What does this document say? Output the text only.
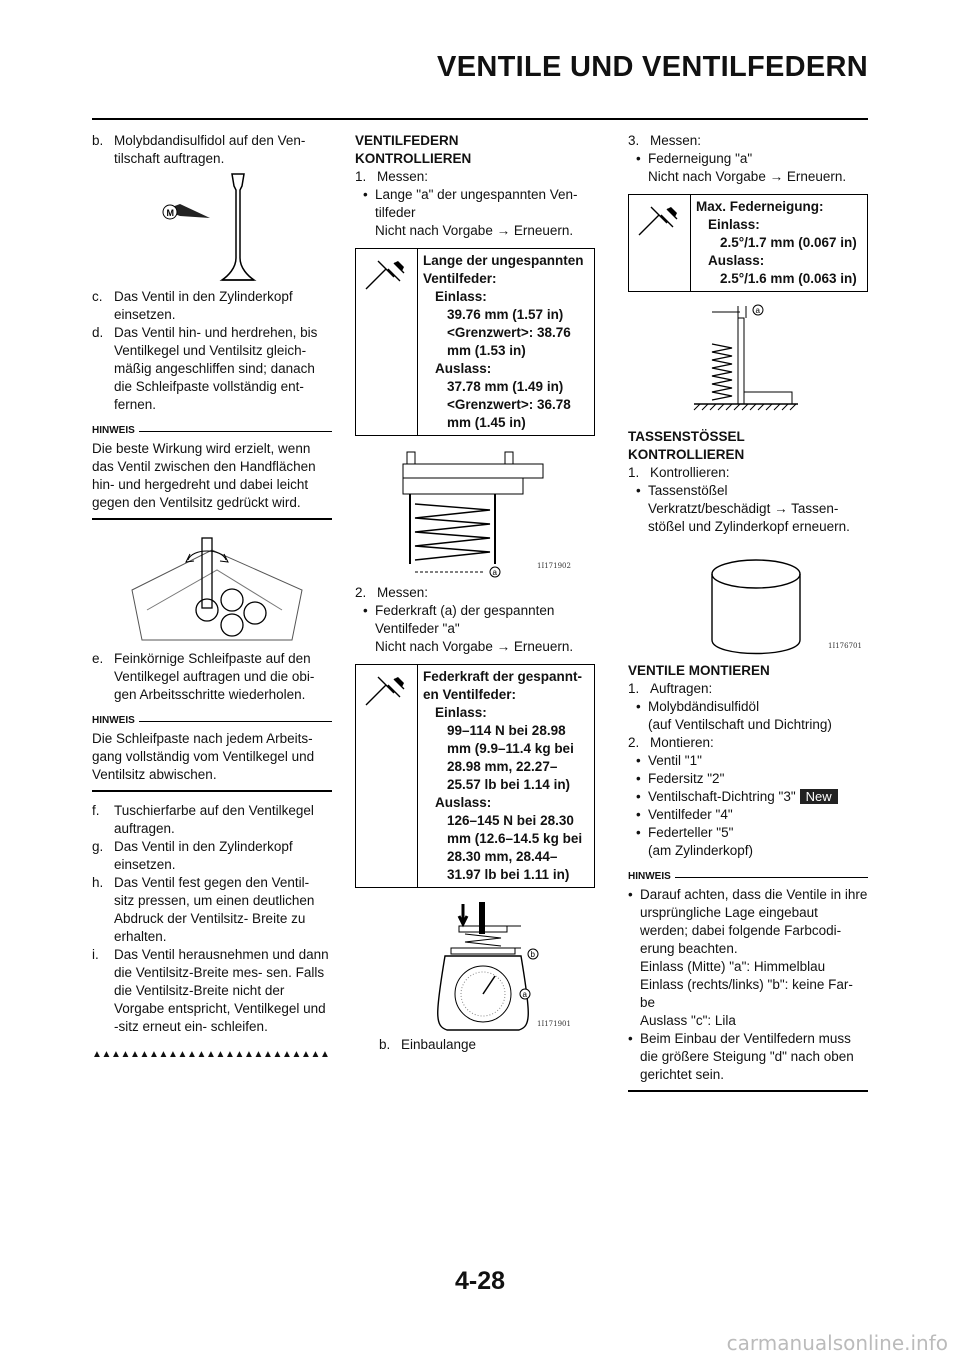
VENTILE UND VENTILFEDERN
b. Molybdandisulfidol auf den Ven- tilschaft auftragen.
M
c. Das Ventil in den Zylinderkopf einsetzen.
d. Das Ventil hin- und herdrehen, bis Ventilkegel und Ventilsitz gleich- mäßig angeschliffen sind; danach die Schleifpaste vollständig ent- fernen.
HINWEIS
Die beste Wirkung wird erzielt, wenn das Ventil zwischen den Handflächen hin- und hergedreht und dabei leicht gegen den Ventilsitz gedrückt wird.
e. Feinkörnige Schleifpaste auf den Ventilkegel auftragen und die obi- gen Arbeitsschritte wiederholen.
HINWEIS
Die Schleifpaste nach jedem Arbeits- gang vollständig vom Ventilkegel und Ventilsitz abwischen.
f.	Tuschierfarbe auf den Ventilkegel auftragen.
g. Das Ventil in den Zylinderkopf einsetzen.
h. Das Ventil fest gegen den Ventil- sitz pressen, um einen deutlichen Abdruck der Ventilsitz- Breite zu erhalten.
i.	Das Ventil herausnehmen und dann die Ventilsitz-Breite mes- sen. Falls die Ventilsitz-Breite nicht der Vorgabe entspricht, Ventilkegel und -sitz erneut ein- schleifen.
▲▲▲▲▲▲▲▲▲▲▲▲▲▲▲▲▲▲▲▲▲▲▲▲▲
VENTILFEDERN
KONTROLLIEREN
1. Messen:
• Lange "a" der ungespannten Ven- tilfeder
Nicht nach Vorgabe → Erneuern.
Lange der ungespannten Ventilfeder:
Einlass:
39.76 mm (1.57 in)
<Grenzwert>: 38.76 mm (1.53 in)
Auslass:
37.78 mm (1.49 in)
<Grenzwert>: 36.78 mm (1.45 in)
a
1I171902
2. Messen:
• Federkraft (a) der gespannten Ventilfeder "a"
Nicht nach Vorgabe → Erneuern.
Federkraft der gespannt- en Ventilfeder:
Einlass:
99–114 N bei 28.98 mm (9.9–11.4 kg bei 28.98 mm, 22.27– 25.57 lb bei 1.14 in)
Auslass:
126–145 N bei 28.30 mm (12.6–14.5 kg bei 28.30 mm, 28.44– 31.97 lb bei 1.11 in)
b
a
1I171901
b. Einbaulange
3. Messen:
• Federneigung "a"
Nicht nach Vorgabe → Erneuern.
Max. Federneigung:
Einlass:
2.5°/1.7 mm (0.067 in)
Auslass:
2.5°/1.6 mm (0.063 in)
a
TASSENSTÖSSEL
KONTROLLIEREN
1. Kontrollieren:
• Tassenstößel
Verkratzt/beschädigt → Tassen- stößel und Zylinderkopf erneuern.
1I176701
VENTILE MONTIEREN
1. Auftragen:
• Molybdändisulfidöl
(auf Ventilschaft und Dichtring)
2. Montieren:
• Ventil "1"
• Federsitz "2"
• Ventilschaft-Dichtring "3" New
• Ventilfeder "4"
• Federteller "5"
(am Zylinderkopf)
HINWEIS
• Darauf achten, dass die Ventile in ihre ursprüngliche Lage eingebaut werden; dabei folgende Farbcodi- erung beachten.
Einlass (Mitte) "a": Himmelblau
Einlass (rechts/links) "b": keine Far- be
Auslass "c": Lila
• Beim Einbau der Ventilfedern muss die größere Steigung "d" nach oben gerichtet sein.
4-28
carmanualsonline.info
